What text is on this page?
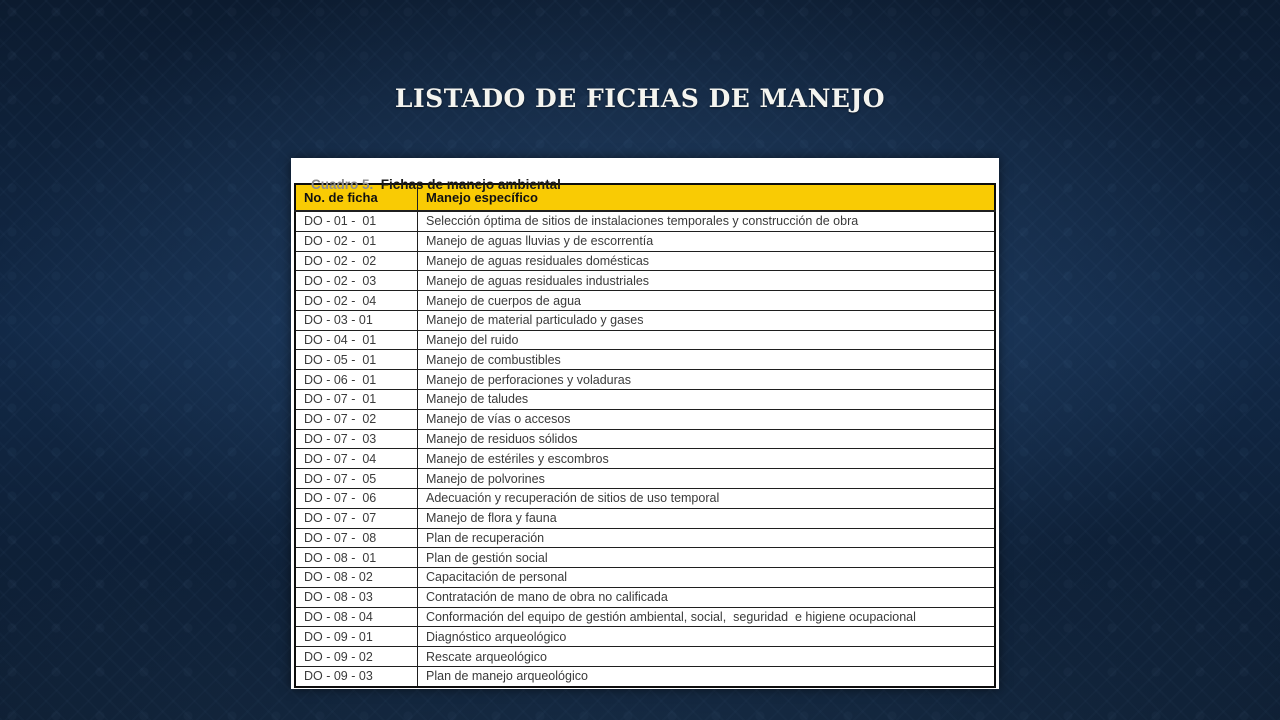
LISTADO DE FICHAS DE MANEJO

Cuadro 5.  Fichas de manejo ambiental

No. de ficha	Manejo específico
DO - 01 -  01	Selección óptima de sitios de instalaciones temporales y construcción de obra
DO - 02 -  01	Manejo de aguas lluvias y de escorrentía
DO - 02 -  02	Manejo de aguas residuales domésticas
DO - 02 -  03	Manejo de aguas residuales industriales
DO - 02 -  04	Manejo de cuerpos de agua
DO - 03 - 01	Manejo de material particulado y gases
DO - 04 -  01	Manejo del ruido
DO - 05 -  01	Manejo de combustibles
DO - 06 -  01	Manejo de perforaciones y voladuras
DO - 07 -  01	Manejo de taludes
DO - 07 -  02	Manejo de vías o accesos
DO - 07 -  03	Manejo de residuos sólidos
DO - 07 -  04	Manejo de estériles y escombros
DO - 07 -  05	Manejo de polvorines
DO - 07 -  06	Adecuación y recuperación de sitios de uso temporal
DO - 07 -  07	Manejo de flora y fauna
DO - 07 -  08	Plan de recuperación
DO - 08 -  01	Plan de gestión social
DO - 08 - 02	Capacitación de personal
DO - 08 - 03	Contratación de mano de obra no calificada
DO - 08 - 04	Conformación del equipo de gestión ambiental, social,  seguridad  e higiene ocupacional
DO - 09 - 01	Diagnóstico arqueológico
DO - 09 - 02	Rescate arqueológico
DO - 09 - 03	Plan de manejo arqueológico
